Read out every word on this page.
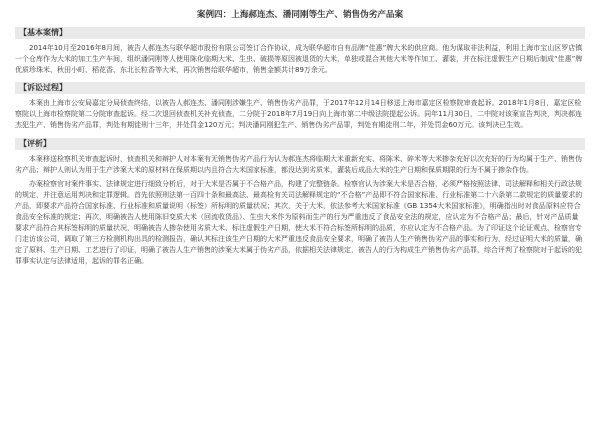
案例四：上海郝连杰、潘同刚等生产、销售伪劣产品案
【基本案情】

2014年10月至2016年8月间，被告人郝连杰与联华超市股份有限公司签订合作协议，成为联华超市自有品牌“佳惠”牌大米的供应商。他为谋取非法利益，利用上海市宝山区罗店镇一个仓库作为大米的加工生产车间，组织潘同刚等人使用陈化临期大米、生虫、破损等原因被退货的大米，单独或混合其他大米等作加工、灌装，并在标注虚假生产日期后制成“佳惠”牌优质珍珠米、秋田小町、稻花香、东北长粒香等大米，再次销售给联华超市，销售金额共计89万余元。

【诉讼过程】

本案由上海市公安局嘉定分局侦查终结，以被告人郝连杰、潘同刚涉嫌生产、销售伪劣产品罪，于2017年12月14日移送上海市嘉定区检察院审查起诉。2018年1月8日，嘉定区检察院以上海市检察院第二分院审查起诉。经二次退回侦查机关补充侦查，二分院于2018年7月19日向上海市第二中级法院提起公诉。同年11月30日，二中院对该案宣告判决，判决郝连杰犯生产、销售伪劣产品罪，判处有期徒刑十三年，并处罚金120万元；判决潘同刚犯生产、销售伪劣产品罪，判处有期徒刑二年，并处罚金60万元。该判决已生效。

【评析】

本案移送检察机关审查起诉时，侦查机关和辩护人对本案有无销售伪劣产品行为认为郝连杰将临期大米重新充实、将陈米、碎米等大米掺杂充好以次充好的行为均属于生产、销售伪劣产品；辩护人则认为用于生产涉案大米的原材料在保质期以内且符合大米国家标准，都没达到劣质米，灌装后成品大米的生产日期和保质期限的行为不属于掺杂作伪。

办案检察官对案件事实、法律规定进行细致分析后，对于大米是否属于不合格产品，构建了完整链条。检察官认为涉案大米是否合格，必须严格按照法律、司法解释和相关行政法规的规定，并注意运用判决和定罪逻辑。首先依照刑法第一百四十条和最高法、最高检有关司法解释规定的“不合格”产品即不符合国家标准、行业标准第二十六条第二款规定的质量要求的产品，即要求产品符合国家标准、行业标准和质量说明（标签）所标明的质量状况；其次，关于大米，依法参考大米国家标准《GB 1354大米国家标准》，明确指出时对食品原料应符合食品安全标准的规定；再次，明确被告人使用陈旧变质大米（回流收货品）、生虫大米作为原料而生产的行为严重违反了食品安全法的规定，应认定为不合格产品；最后，针对产品质量要求产品符合其标签标明的质量状况，明确被告人掺杂使用劣质大米、标注虚假生产日期，使大米不符合标签所标明的品质，亦应认定为不合格产品。为了印证这个论证观点，检察官专门走访该公司，调取了第三方检测机构出具的检测报告，确认其标注该生产日期的大米严重违反食品安全要求，明确了被告人生产销售伪劣产品的事实和行为，经过证明大米的质量，确定了原料、生产日期、工艺进行了印证，明确了被告人生产销售的涉案大米属于伪劣产品，依据相关法律规定，被告人的行为构成生产销售伪劣产品罪，综合评判了检察院对于起诉的犯罪事实认定与法律适用，起诉的罪名正确。
